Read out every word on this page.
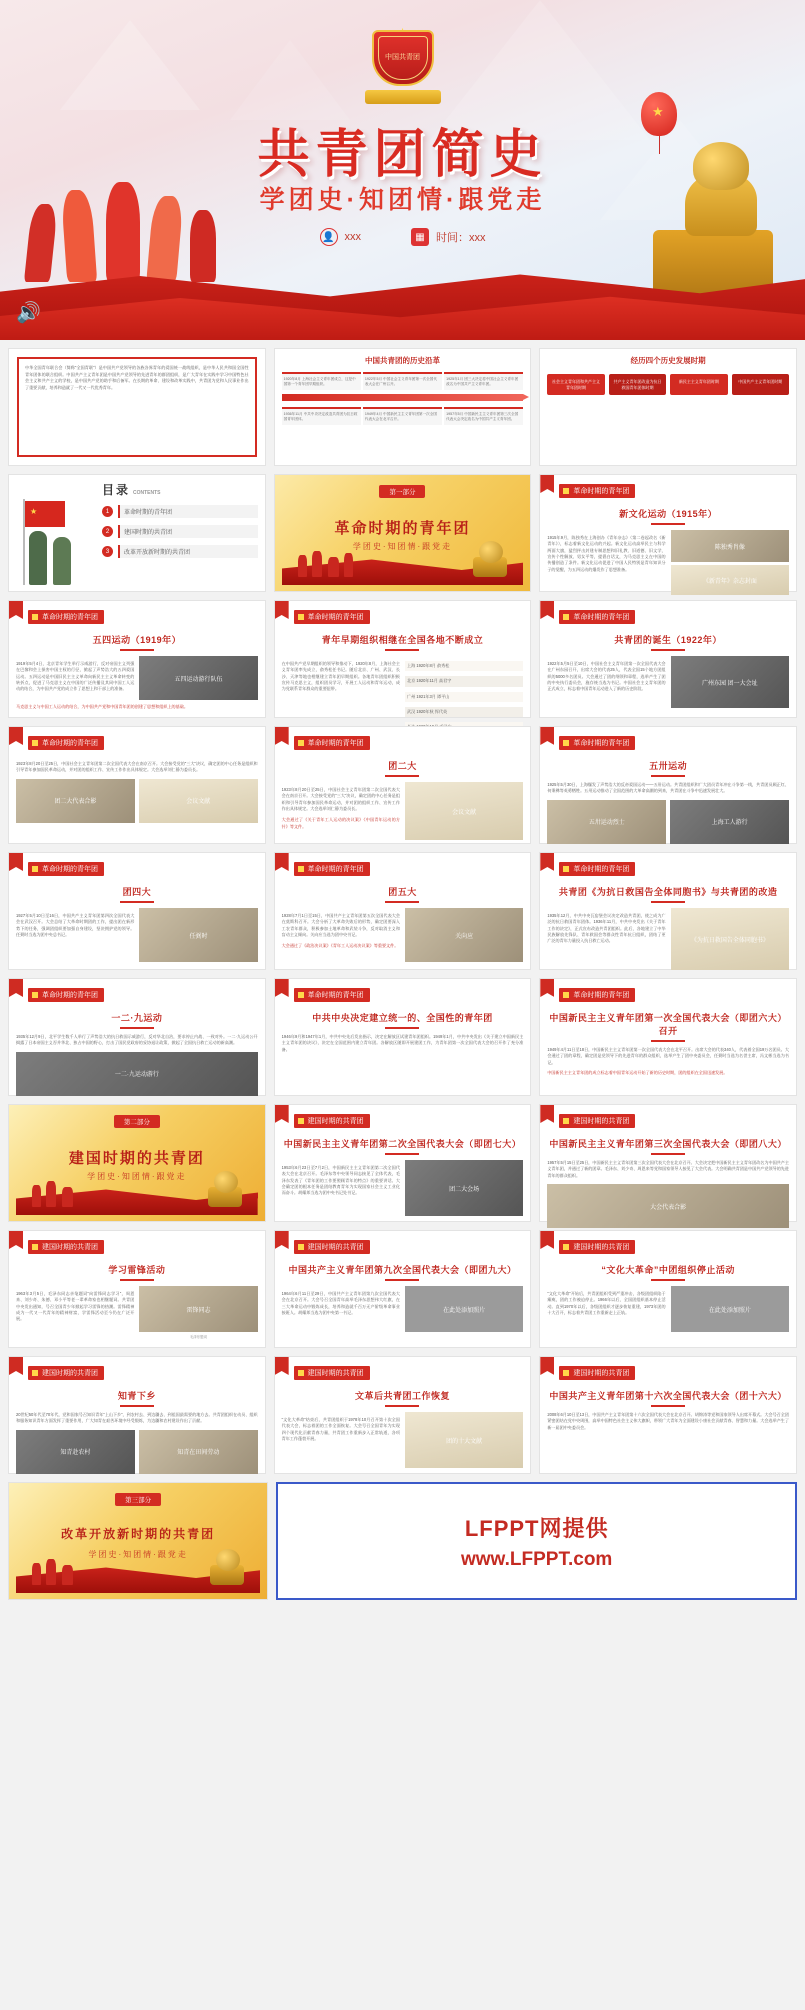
中国共青团
★
共青团简史
学团史·知团情·跟党走
👤 xxx	▦	时间：xxx
🔊
中华全国青年联合会（简称“全国青联”）是中国共产党领导的各族各界青年的爱国统一战线组织，是中华人民共和国全国性青年团体的联合组织。中国共产主义青年团是中国共产党领导的先进青年的群团组织，是广大青年在实践中学习中国特色社会主义和共产主义的学校，是中国共产党的助手和后备军。在长期的革命、建设和改革实践中，共青团为党和人民事业作出了重要贡献，培养和造就了一代又一代优秀青年。
中国共青团的历史沿革
1920年8月 上海社会主义青年团成立，这是中国第一个青年团早期组织。
1922年5月 中国社会主义青年团第一次全国代表大会在广州召开。
1925年1月 团三大决定将中国社会主义青年团改名为中国共产主义青年团。
1936年11月 中共中央决定改造共青团为抗日救国青年团体。
1949年4月 中国新民主主义青年团第一次全国代表大会在北平召开。
1957年5月 中国新民主主义青年团第三次全国代表大会决定改名为中国共产主义青年团。
经历四个历史发展时期
社会主义青年团和共产主义青年团时期
共产主义青年团改造为抗日救国青年团体时期
新民主主义青年团时期	中国共产主义青年团时期
★
目录 CONTENTS
1	革命时期的青年团
2	建国时期的共青团
3	改革开放新时期的共青团
第一部分
革命时期的青年团
学团史·知团情·跟党走
革命时期的青年团
新文化运动（1915年）
1915年9月，陈独秀在上海创办《青年杂志》（第二卷起改名《新青年》），标志着新文化运动的兴起。新文化运动高举民主与科学两面大旗，猛烈抨击封建专制思想和旧礼教、旧道德、旧文学，宣传个性解放、男女平等，提倡白话文，为马克思主义在中国的传播创造了条件。新文化运动促进了中国人民特别是青年知识分子的觉醒，为五四运动的爆发作了思想准备。
陈独秀肖像
《新青年》杂志封面
革命时期的青年团
五四运动（1919年）
1919年5月4日，北京青年学生举行示威游行，反对帝国主义列强在巴黎和会上损害中国主权的行径，掀起了声势浩大的五四爱国运动。五四运动是中国旧民主主义革命向新民主主义革命转变的转折点，促进了马克思主义在中国的广泛传播及其同中国工人运动的结合，为中国共产党的成立作了思想上和干部上的准备。
五四运动游行队伍
马克思主义与中国工人运动的结合，为中国共产党和中国青年团的创建了思想和组织上的基础。
革命时期的青年团
青年早期组织相继在全国各地不断成立
在中国共产党早期组织的领导和推动下，1920年8月，上海社会主义青年团率先成立，俞秀松任书记。随后北京、广州、武汉、长沙、天津等地也相继建立青年团早期组织。各地青年团组织积极宣传马克思主义，组织团员学习，开展工人运动和青年运动，成为党联系青年群众的重要纽带。
上海 1920年8月 俞秀松
北京 1920年11月 高君宇
广州 1921年3月 谭平山
武汉 1920年秋 恽代英
革命时期的青年团
共青团的诞生（1922年）
1922年5月5日至10日，中国社会主义青年团第一次全国代表大会在广州东园召开，出席大会的代表25人，代表全国15个地方团组织的5000多名团员。大会通过了团的纲领和章程，选举产生了团的中央执行委员会，施存统当选为书记。中国社会主义青年团的正式成立，标志着中国青年运动进入了新的历史阶段。
广州东园 团一大会址
革命时期的青年团
1923年8月20日至25日，中国社会主义青年团第二次全国代表大会在南京召开。大会接受党的“三大”决议，确定团的中心任务是组织和引导青年参加国民革命运动，并对团的组织工作、宣传工作作出具体规定。大会选举刘仁静为委员长。
团二大代表合影	会议文献
革命时期的青年团
团二大
1923年8月20日至25日，中国社会主义青年团第二次全国代表大会在南京召开。大会接受党的“三大”决议，确定团的中心任务是组织和引导青年参加国民革命运动，并对团的组织工作、宣传工作作出具体规定。大会选举刘仁静为委员长。
大会通过了《关于青年工人运动的决议案》《中国青年运动的方针》等文件。
会议文献
革命时期的青年团
五卅运动
1925年5月30日，上海爆发了声势浩大的反帝爱国运动——五卅运动。共青团组织和广大团员青年冲在斗争第一线，共青团员顾正红、何秉彝等英勇牺牲。五卅运动推动了全国范围的大革命高潮的到来，共青团在斗争中迅速发展壮大。
五卅运动烈士	上海工人游行
革命时期的青年团
团四大
1927年5月10日至16日，中国共产主义青年团第四次全国代表大会在武汉召开。大会总结了大革命时期团的工作，提出团在新形势下的任务，强调团组织要加强自身建设，坚决拥护党的领导。任弼时当选为团中央总书记。	任弼时
革命时期的青年团
团五大
1928年7月1日至15日，中国共产主义青年团第五次全国代表大会在莫斯科召开。大会分析了大革命失败后的形势，确定团要深入工农青年群众，积极参加土地革命和武装斗争，反对取消主义和盲动主义倾向。关向应当选为团中央书记。
大会通过了《政治决议案》《青年工人运动决议案》等重要文件。
关向应
革命时期的青年团
共青团《为抗日救国告全体同胞书》与共青团的改造
1935年12月，中共中央瓦窑堡会议决定改造共青团，使之成为广泛的抗日救国青年团体。1936年11月，中共中央发出《关于青年工作的决定》，正式宣布改造共青团组织。此后，各地建立了中华民族解放先锋队、青年救国会等群众性青年抗日组织，团结了更广泛的青年力量投入抗日救亡运动。	《为抗日救国告全体同胞书》
革命时期的青年团
一二·九运动
1935年12月9日，北平学生数千人举行了声势浩大的抗日救国示威游行，反对华北自治，要求停止内战、一致对外。一二·九运动公开揭露了日本帝国主义吞并华北、独占中国的野心，打击了国民党政府的妥协退让政策，掀起了全国抗日救亡运动的新高潮。
一二·九运动游行
革命时期的青年团
中共中央决定建立统一的、全国性的青年团
1946年9月和1947年1月，中共中央先后发出指示，决定在解放区试建青年团组织。1949年1月，中共中央发出《关于建立中国新民主主义青年团的决议》，决定在全国范围内建立青年团。各解放区随即开展建团工作，为青年团第一次全国代表大会的召开作了充分准备。
革命时期的青年团
中国新民主主义青年团第一次全国代表大会（即团六大）召开
1949年4月11日至18日，中国新民主主义青年团第一次全国代表大会在北平召开。出席大会的代表340人，代表着全国19万名团员。大会通过了团的章程，确定团是党领导下的先进青年的群众组织，选举产生了团中央委员会，任弼时当选为名誉主席，冯文彬当选为书记。
中国新民主主义青年团的成立标志着中国青年运动开始了新的历史时期，团的组织在全国迅速发展。
第二部分
建国时期的共青团
学团史·知团情·跟党走
建国时期的共青团
中国新民主主义青年团第二次全国代表大会（即团七大）
1953年6月23日至7月2日，中国新民主主义青年团第二次全国代表大会在北京召开。毛泽东等中央领导同志接见了全体代表，毛泽东发表了《青年团的工作要照顾青年的特点》的重要讲话。大会确定团的根本任务是团结教育青年为实现国家社会主义工业化而奋斗。胡耀邦当选为团中央书记处书记。
团二大会场
建国时期的共青团
中国新民主主义青年团第三次全国代表大会（即团八大）
1957年5月15日至25日，中国新民主主义青年团第三次全国代表大会在北京召开。大会决定把中国新民主主义青年团改名为中国共产主义青年团，并通过了新的团章。毛泽东、刘少奇、周恩来等党和国家领导人接见了大会代表。大会明确共青团是中国共产党领导的先进青年的群众组织。
大会代表合影
建国时期的共青团
学习雷锋活动
1963年3月5日，毛泽东同志亲笔题词“向雷锋同志学习”，周恩来、刘少奇、朱德、邓小平等老一辈革命家也相继题词。共青团中央发出通知，号召全国青少年掀起学习雷锋的热潮。雷锋精神成为一代又一代青年的精神财富，学雷锋活动至今仍在广泛开展。
雷锋同志
毛泽东题词
建国时期的共青团
中国共产主义青年团第九次全国代表大会（即团九大）
1964年6月11日至29日，中国共产主义青年团第九次全国代表大会在北京召开。大会号召全国青年高举毛泽东思想伟大红旗，在三大革命运动中锻炼成长，培养和造就千百万无产阶级革命事业接班人。胡耀邦当选为团中央第一书记。	在此处添加照片
建国时期的共青团
“文化大革命”中团组织停止活动
“文化大革命”开始后，共青团组织受到严重冲击，各级团组织陷于瘫痪，团的工作被迫停止。1966年以后，全国团组织基本停止活动。直到1970年以后，各级团组织才逐步恢复重建，1973年团的十大召开，标志着共青团工作重新走上正轨。	在此处添加照片
建国时期的共青团
知青下乡
20世纪50年代至70年代，党和国家号召知识青年“上山下乡”，到农村去、到边疆去、到祖国最需要的地方去。共青团组织在动员、组织和服务知识青年方面发挥了重要作用，广大知青在艰苦环境中经受锻炼，为边疆和农村建设作出了贡献。
知青赴农村	知青在田间劳动
建国时期的共青团
文革后共青团工作恢复
“文化大革命”结束后，共青团组织于1978年10月召开第十次全国代表大会，标志着团的工作全面恢复。大会号召全国青年为实现四个现代化贡献青春力量，共青团工作重新步入正常轨道，各项青年工作蓬勃开展。	团的十大文献
建国时期的共青团
中国共产主义青年团第十六次全国代表大会（团十六大）
2008年6月10日至13日，中国共产主义青年团第十六次全国代表大会在北京召开。胡锦涛等党和国家领导人出席开幕式。大会号召全团紧密团结在党中央周围，高举中国特色社会主义伟大旗帜，带领广大青年为全面建设小康社会贡献青春、智慧和力量。大会选举产生了新一届团中央委员会。
第三部分
改革开放新时期的共青团
学团史·知团情·跟党走
LFPPT网提供
www.LFPPT.com
